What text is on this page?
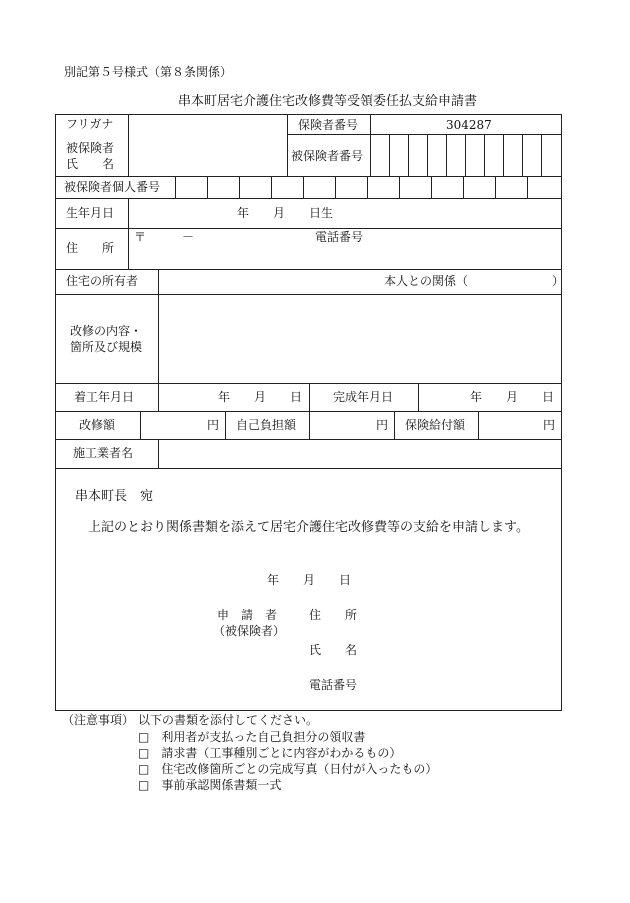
別記第５号様式（第８条関係）
串本町居宅介護住宅改修費等受領委任払支給申請書
フリガナ	保険者番号	304287
被保険者
氏　　名
被保険者番号
被保険者個人番号
生年月日	年　　月　　日生
〒　　　－	電話番号
住　　所
住宅の所有者	本人との関係（　　　　　　　）
改修の内容・
箇所及び規模
着工年月日	年　　月　　日	完成年月日	年　　月　　日
改修額	円 自己負担額	円 保険給付額	円
施工業者名
串本町長　宛
上記のとおり関係書類を添えて居宅介護住宅改修費等の支給を申請します。
年　　月　　日
申　請　者
（被保険者）
住　　所
氏　　名
電話番号
（注意事項） 以下の書類を添付してください。
□　利用者が支払った自己負担分の領収書
□　請求書（工事種別ごとに内容がわかるもの）
□　住宅改修箇所ごとの完成写真（日付が入ったもの）
□　事前承認関係書類一式
